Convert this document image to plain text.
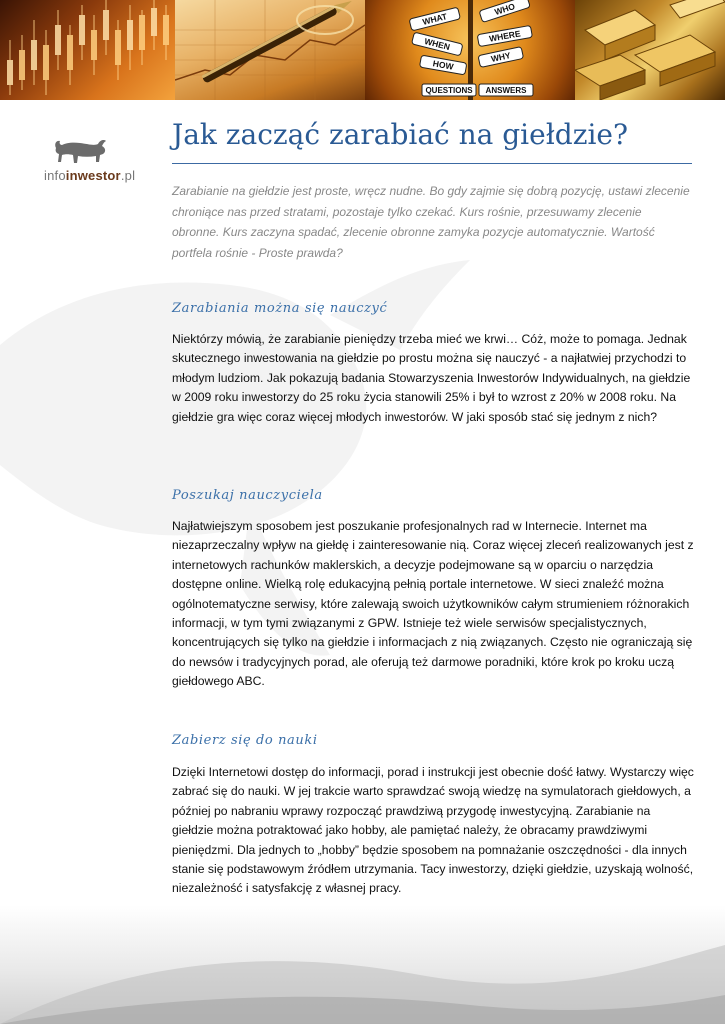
WHAT
WHO
WHEN
WHERE
HOW
WHY
QUESTIONS ANSWERS
infoinwestor.pl
Jak zacząć zarabiać na giełdzie?

Zarabianie na giełdzie jest proste, wręcz nudne. Bo gdy zajmie się dobrą pozycję, ustawi zlecenie chroniące nas przed stratami, pozostaje tylko czekać. Kurs rośnie, przesuwamy zlecenie obronne. Kurs zaczyna spadać, zlecenie obronne zamyka pozycje automatycznie. Wartość portfela rośnie - Proste prawda?

Zarabiania można się nauczyć

Niektórzy mówią, że zarabianie pieniędzy trzeba mieć we krwi… Cóż, może to pomaga. Jednak skutecznego inwestowania na giełdzie po prostu można się nauczyć - a najłatwiej przychodzi to młodym ludziom. Jak pokazują badania Stowarzyszenia Inwestorów Indywidualnych, na giełdzie w 2009 roku inwestorzy do 25 roku życia stanowili 25% i był to wzrost z 20% w 2008 roku. Na giełdzie gra więc coraz więcej młodych inwestorów. W jaki sposób stać się jednym z nich?

Poszukaj nauczyciela

Najłatwiejszym sposobem jest poszukanie profesjonalnych rad w Internecie. Internet ma niezaprzeczalny wpływ na giełdę i zainteresowanie nią. Coraz więcej zleceń realizowanych jest z internetowych rachunków maklerskich, a decyzje podejmowane są w oparciu o narzędzia dostępne online. Wielką rolę edukacyjną pełnią portale internetowe. W sieci znaleźć można ogólnotematyczne serwisy, które zalewają swoich użytkowników całym strumieniem różnorakich informacji, w tym tymi związanymi z GPW. Istnieje też wiele serwisów specjalistycznych, koncentrujących się tylko na giełdzie i informacjach z nią związanych. Często nie ograniczają się do newsów i tradycyjnych porad, ale oferują też darmowe poradniki, które krok po kroku uczą giełdowego ABC.

Zabierz się do nauki

Dzięki Internetowi dostęp do informacji, porad i instrukcji jest obecnie dość łatwy. Wystarczy więc zabrać się do nauki. W jej trakcie warto sprawdzać swoją wiedzę na symulatorach giełdowych, a później po nabraniu wprawy rozpocząć prawdziwą przygodę inwestycyjną. Zarabianie na giełdzie można potraktować jako hobby, ale pamiętać należy, że obracamy prawdziwymi pieniędzmi. Dla jednych to „hobby” będzie sposobem na pomnażanie oszczędności - dla innych stanie się podstawowym źródłem utrzymania. Tacy inwestorzy, dzięki giełdzie, uzyskają wolność, niezależność i satysfakcję z własnej pracy.
